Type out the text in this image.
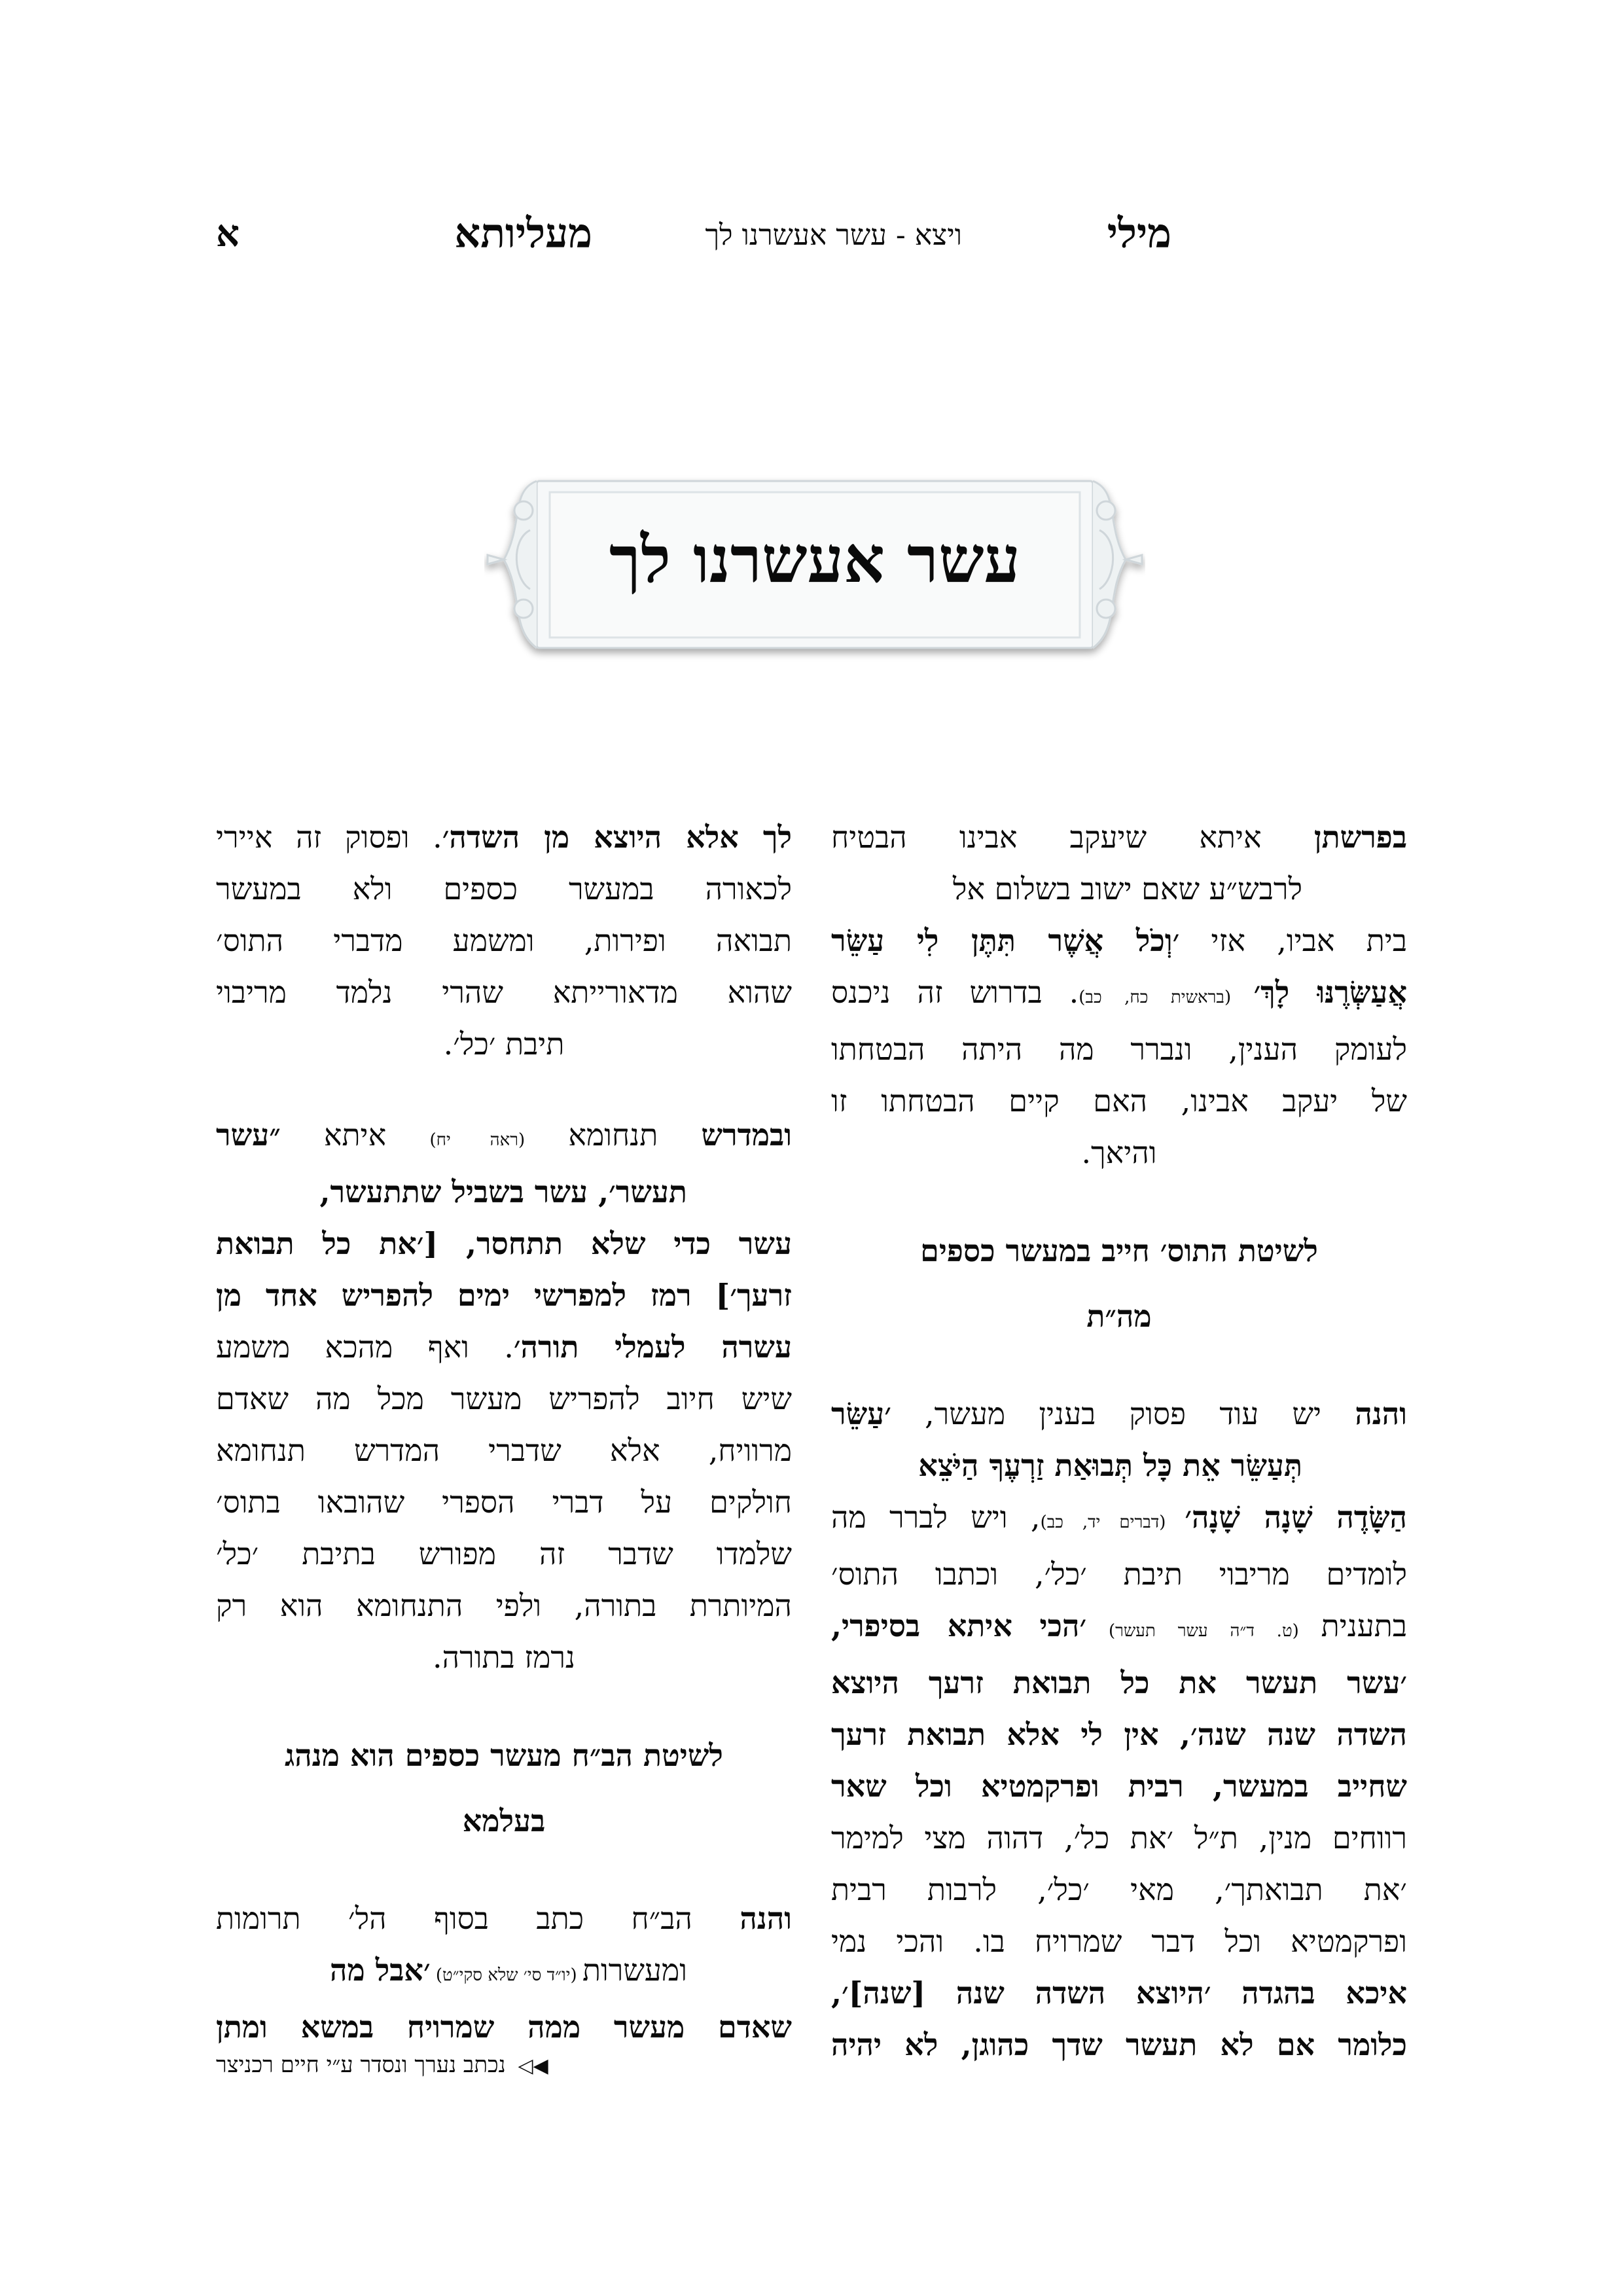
מילי
ויצא - עשר אעשרנו לך
מעליותא
א
עשר אעשרנו לך
בפרשתן איתא שיעקב אבינו הבטיח
לרבש״ע שאם ישוב בשלום אל
בית אביו, אזי ׳וְכֹל אֲשֶׁר תִּתֶּן לִי עַשֵּׂר
אֲעַשְּׂרֶנּוּ לָךְ׳ (בראשית כח, כב). בדרוש זה ניכנס
לעומק הענין, ונברר מה היתה הבטחתו
של יעקב אבינו, האם קיים הבטחתו זו
והיאך.
לשיטת התוס׳ חייב במעשר כספים
מה״ת
והנה יש עוד פסוק בענין מעשר, ׳עַשֵּׂר
תְּעַשֵּׂר אֵת כָּל תְּבוּאַת זַרְעֶךָ הַיֹּצֵא
הַשָּׂדֶה שָׁנָה שָׁנָה׳ (דברים יד, כב), ויש לברר מה
לומדים מריבוי תיבת ׳כל׳, וכתבו התוס׳
בתענית (ט. ד״ה עשר תעשר) ׳הכי איתא בסיפרי,
׳עשר תעשר את כל תבואת זרעך היוצא
השדה שנה שנה׳, אין לי אלא תבואת זרעך
שחייב במעשר, רבית ופרקמטיא וכל שאר
רווחים מנין, ת״ל ׳את כל׳, דהוה מצי למימר
׳את תבואתך׳, מאי ׳כל׳, לרבות רבית
ופרקמטיא וכל דבר שמרויח בו. והכי נמי
איכא בהגדה ׳היוצא השדה שנה [שנה]׳,
כלומר אם לא תעשר שדך כהוגן, לא יהיה
לך אלא היוצא מן השדה׳. ופסוק זה איירי
לכאורה במעשר כספים ולא במעשר
תבואה ופירות, ומשמע מדברי התוס׳
שהוא מדאורייתא שהרי נלמד מריבוי
תיבת ׳כל׳.
ובמדרש תנחומא (ראה יח) איתא ״עשר
תעשר׳, עשר בשביל שתתעשר,
עשר כדי שלא תתחסר, [׳את כל תבואת
זרעך׳] רמז למפרשי ימים להפריש אחד מן
עשרה לעמלי תורה׳. ואף מהכא משמע
שיש חיוב להפריש מעשר מכל מה שאדם
מרוויח, אלא שדברי המדרש תנחומא
חולקים על דברי הספרי שהובאו בתוס׳
שלמדו שדבר זה מפורש בתיבת ׳כל׳
המיותרת בתורה, ולפי התנחומא הוא רק
נרמז בתורה.
לשיטת הב״ח מעשר כספים הוא מנהג
בעלמא
והנה הב״ח כתב בסוף הל׳ תרומות
ומעשרות (יו״ד סי׳ שלא סקי״ט) ׳אבל מה
שאדם מעשר ממה שמרויח במשא ומתן
◀◁ נכתב נערך ונסדר ע״י חיים רכניצר
